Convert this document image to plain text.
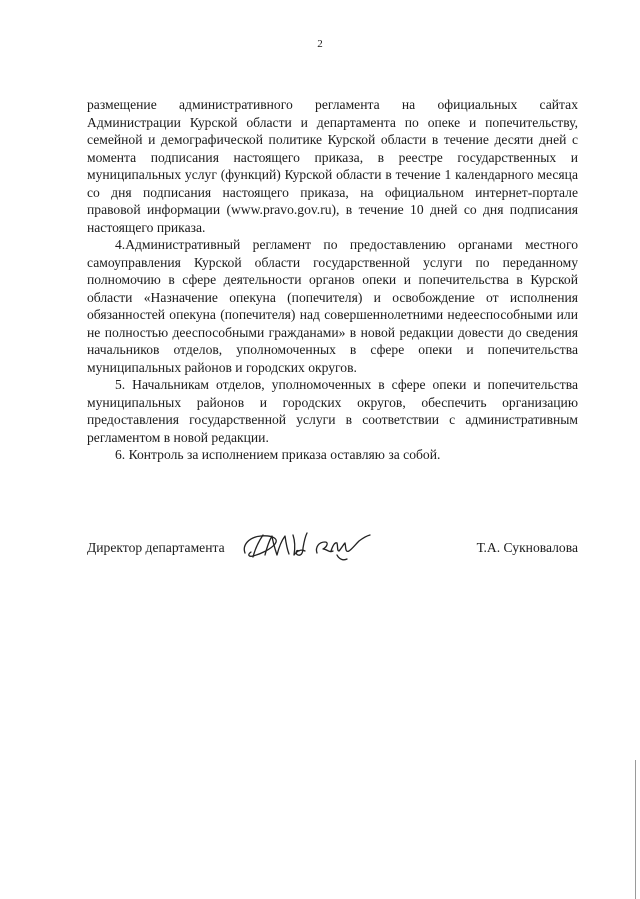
2

размещение административного регламента на официальных сайтах Администрации Курской области и департамента по опеке и попечительству, семейной и демографической политике Курской области в течение десяти дней с момента подписания настоящего приказа, в реестре государственных и муниципальных услуг (функций) Курской области в течение 1 календарного месяца со дня подписания настоящего приказа, на официальном интернет-портале правовой информации (www.pravo.gov.ru), в течение 10 дней со дня подписания настоящего приказа.

4.Административный регламент по предоставлению органами местного самоуправления Курской области государственной услуги по переданному полномочию в сфере деятельности органов опеки и попечительства в Курской области «Назначение опекуна (попечителя) и освобождение от исполнения обязанностей опекуна (попечителя) над совершеннолетними недееспособными или не полностью дееспособными гражданами» в новой редакции довести до сведения начальников отделов, уполномоченных в сфере опеки и попечительства муниципальных районов и городских округов.

5. Начальникам отделов, уполномоченных в сфере опеки и попечительства муниципальных районов и городских округов, обеспечить организацию предоставления государственной услуги в соответствии с административным регламентом в новой редакции.

6. Контроль за исполнением приказа оставляю за собой.

Директор департамента	Т.А. Сукновалова
